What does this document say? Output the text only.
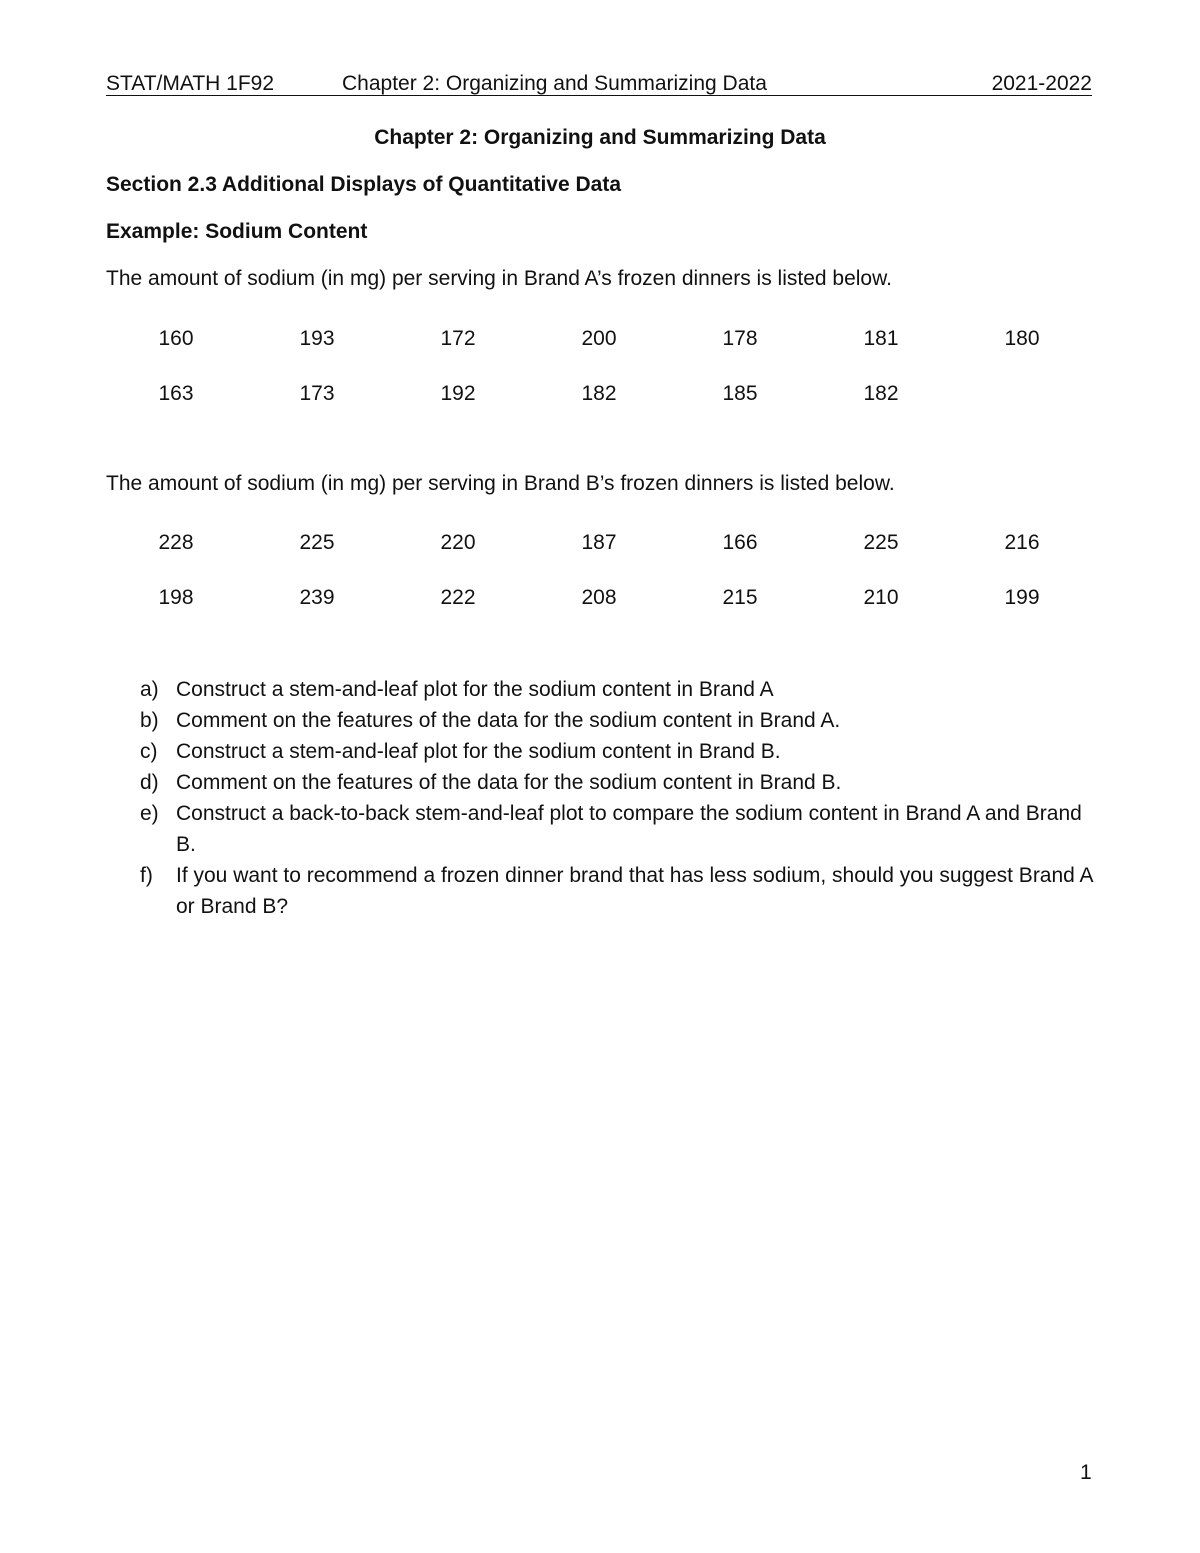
STAT/MATH 1F92	Chapter 2: Organizing and Summarizing Data	2021-2022
Chapter 2: Organizing and Summarizing Data
Section 2.3 Additional Displays of Quantitative Data
Example: Sodium Content
The amount of sodium (in mg) per serving in Brand A’s frozen dinners is listed below.
160	193	172	200	178	181	180
163	173	192	182	185	182
The amount of sodium (in mg) per serving in Brand B’s frozen dinners is listed below.
228	225	220	187	166	225	216
198	239	222	208	215	210	199
a) Construct a stem-and-leaf plot for the sodium content in Brand A
b) Comment on the features of the data for the sodium content in Brand A.
c) Construct a stem-and-leaf plot for the sodium content in Brand B.
d) Comment on the features of the data for the sodium content in Brand B.
e) Construct a back-to-back stem-and-leaf plot to compare the sodium content in Brand A and Brand B.
f) If you want to recommend a frozen dinner brand that has less sodium, should you suggest Brand A or Brand B?
1
